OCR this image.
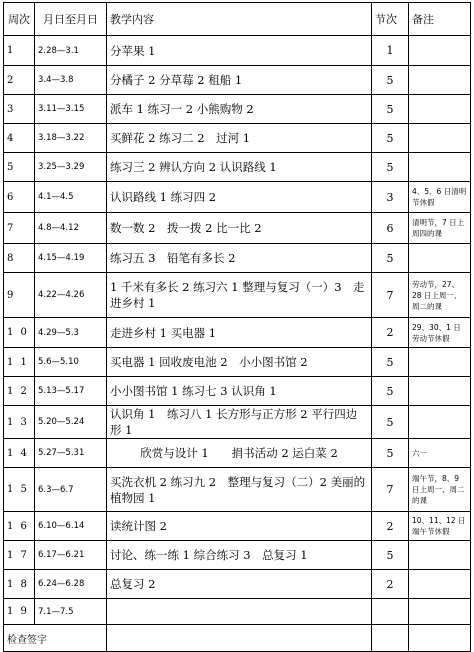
周次	月日至月日	教学内容	节次	备注
1	2.28—3.1	分苹果 1	1	
2	3.4—3.8	分橘子 2 分草莓 2 租船 1	5	
3	3.11—3.15	派车 1 练习一 2 小熊购物 2	5	
4	3.18—3.22	买鲜花 2 练习二 2　过河 1	5	
5	3.25—3.29	练习三 2 辨认方向 2 认识路线 1	5	
6	4.1—4.5	认识路线 1 练习四 2	3	4、5、6 日清明节休假
7	4.8—4.12	数一数 2　拨一拨 2 比一比 2	6	清明节，7 日上周四的课
8	4.15—4.19	练习五 3　铅笔有多长 2	5	
9	4.22—4.26	1 千米有多长 2 练习六 1 整理与复习（一）3　走进乡村 1	7	劳动节，27、28 日上周一、周二的课
1 0	4.29—5.3	走进乡村 1 买电器 1	2	29、30、1 日劳动节休假
1 1	5.6—5.10	买电器 1 回收废电池 2　小小图书馆 2	5	
1 2	5.13—5.17	小小图书馆 1 练习七 3 认识角 1	5	
1 3	5.20—5.24	认识角 1　练习八 1 长方形与正方形 2 平行四边形 1	5	
1 4	5.27—5.31	欣赏与设计 1　　捐书活动 2 运白菜 2	5	六一
1 5	6.3—6.7	买洗衣机 2 练习九 2　整理与复习（二）2 美丽的植物园 1	7	端午节，8、9 日上周一、周二的课
1 6	6.10—6.14	读统计图 2	2	10、11、12 日端午节休假
1 7	6.17—6.21	讨论、练一练 1 综合练习 3　总复习 1	5	
1 8	6.24—6.28	总复习 2	2	
1 9	7.1—7.5			
检查签字				
